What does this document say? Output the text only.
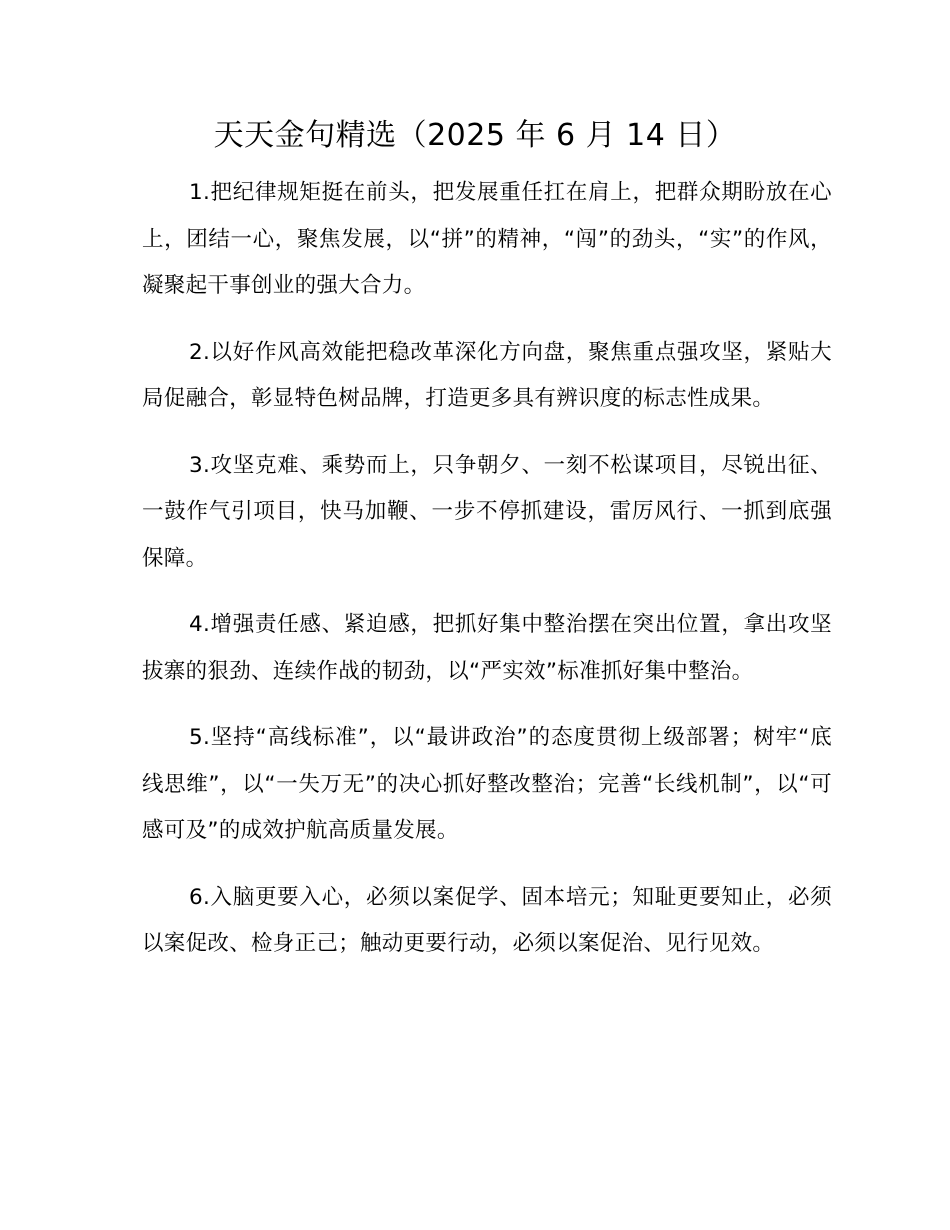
天天金句精选（2025 年 6 月 14 日）

1.把纪律规矩挺在前头，把发展重任扛在肩上，把群众期盼放在心上，团结一心，聚焦发展，以“拼”的精神，“闯”的劲头，“实”的作风，凝聚起干事创业的强大合力。

2.以好作风高效能把稳改革深化方向盘，聚焦重点强攻坚，紧贴大局促融合，彰显特色树品牌，打造更多具有辨识度的标志性成果。

3.攻坚克难、乘势而上，只争朝夕、一刻不松谋项目，尽锐出征、一鼓作气引项目，快马加鞭、一步不停抓建设，雷厉风行、一抓到底强保障。

4.增强责任感、紧迫感，把抓好集中整治摆在突出位置，拿出攻坚拔寨的狠劲、连续作战的韧劲，以“严实效”标准抓好集中整治。

5.坚持“高线标准”，以“最讲政治”的态度贯彻上级部署；树牢“底线思维”，以“一失万无”的决心抓好整改整治；完善“长线机制”，以“可感可及”的成效护航高质量发展。

6.入脑更要入心，必须以案促学、固本培元；知耻更要知止，必须以案促改、检身正己；触动更要行动，必须以案促治、见行见效。
